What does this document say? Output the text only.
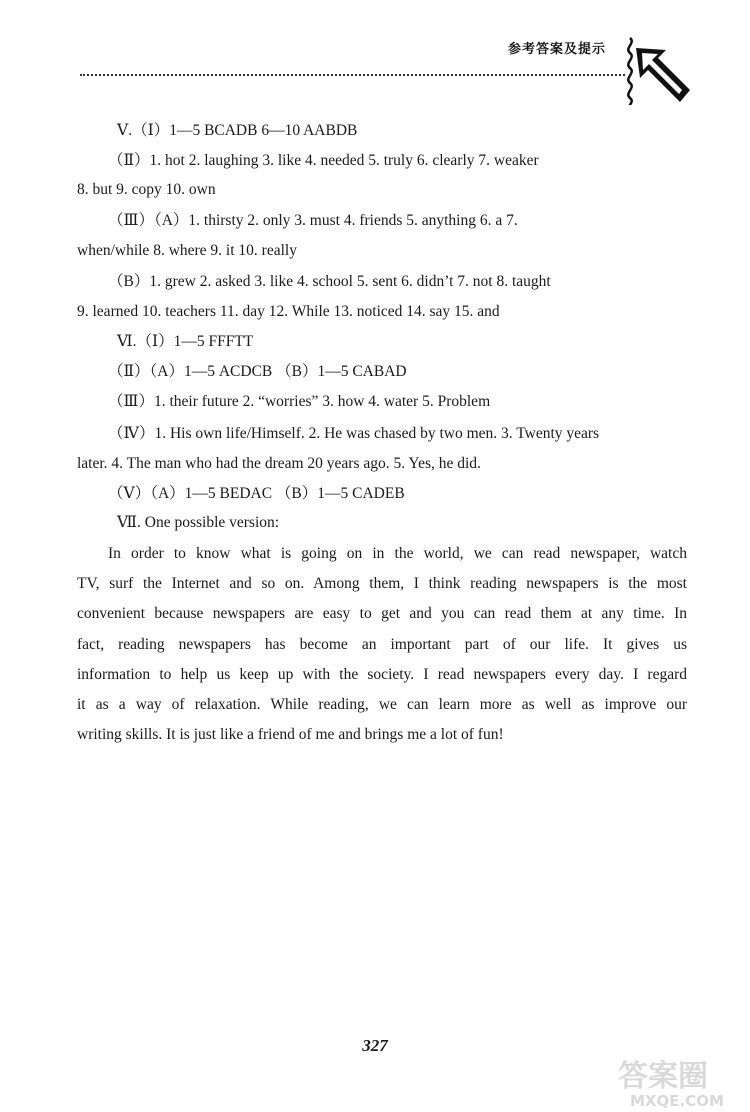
参考答案及提示
Ⅴ.（Ⅰ）1—5 BCADB 6—10 AABDB
（Ⅱ）1. hot 2. laughing 3. like 4. needed 5. truly 6. clearly 7. weaker
8. but 9. copy 10. own
（Ⅲ）（A）1. thirsty 2. only 3. must 4. friends 5. anything 6. a 7.
when/while 8. where 9. it 10. really
（B）1. grew 2. asked 3. like 4. school 5. sent 6. didn’t 7. not 8. taught
9. learned 10. teachers 11. day 12. While 13. noticed 14. say 15. and
Ⅵ.（Ⅰ）1—5 FFFTT
（Ⅱ）（A）1—5 ACDCB （B）1—5 CABAD
（Ⅲ）1. their future 2. “worries” 3. how 4. water 5. Problem
（Ⅳ）1. His own life/Himself. 2. He was chased by two men. 3. Twenty years
later. 4. The man who had the dream 20 years ago. 5. Yes, he did.
（Ⅴ）（A）1—5 BEDAC （B）1—5 CADEB
Ⅶ. One possible version:
In order to know what is going on in the world, we can read newspaper, watch
TV, surf the Internet and so on. Among them, I think reading newspapers is the most
convenient because newspapers are easy to get and you can read them at any time. In
fact, reading newspapers has become an important part of our life. It gives us
information to help us keep up with the society. I read newspapers every day. I regard
it as a way of relaxation. While reading, we can learn more as well as improve our
writing skills. It is just like a friend of me and brings me a lot of fun!
327
答案圈
MXQE.COM
